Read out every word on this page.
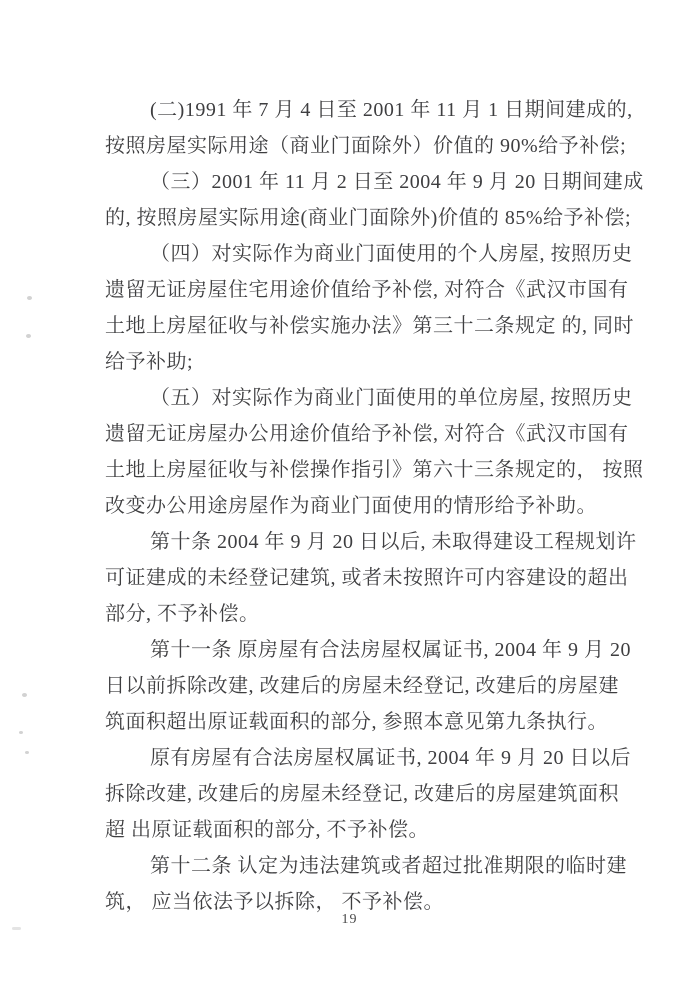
(二)1991 年 7 月 4 日至 2001 年 11 月 1 日期间建成的,
按照房屋实际用途（商业门面除外）价值的 90%给予补偿;

（三）2001 年 11 月 2 日至 2004 年 9 月 20 日期间建成
的, 按照房屋实际用途(商业门面除外)价值的 85%给予补偿;

（四）对实际作为商业门面使用的个人房屋, 按照历史
遗留无证房屋住宅用途价值给予补偿, 对符合《武汉市国有
土地上房屋征收与补偿实施办法》第三十二条规定 的, 同时
给予补助;

（五）对实际作为商业门面使用的单位房屋, 按照历史
遗留无证房屋办公用途价值给予补偿, 对符合《武汉市国有
土地上房屋征收与补偿操作指引》第六十三条规定的， 按照
改变办公用途房屋作为商业门面使用的情形给予补助。

第十条 2004 年 9 月 20 日以后, 未取得建设工程规划许
可证建成的未经登记建筑, 或者未按照许可内容建设的超出
部分, 不予补偿。

第十一条 原房屋有合法房屋权属证书, 2004 年 9 月 20
日以前拆除改建, 改建后的房屋未经登记, 改建后的房屋建
筑面积超出原证载面积的部分, 参照本意见第九条执行。

原有房屋有合法房屋权属证书, 2004 年 9 月 20 日以后
拆除改建, 改建后的房屋未经登记, 改建后的房屋建筑面积
超 出原证载面积的部分, 不予补偿。

第十二条 认定为违法建筑或者超过批准期限的临时建
筑， 应当依法予以拆除， 不予补偿。

19
